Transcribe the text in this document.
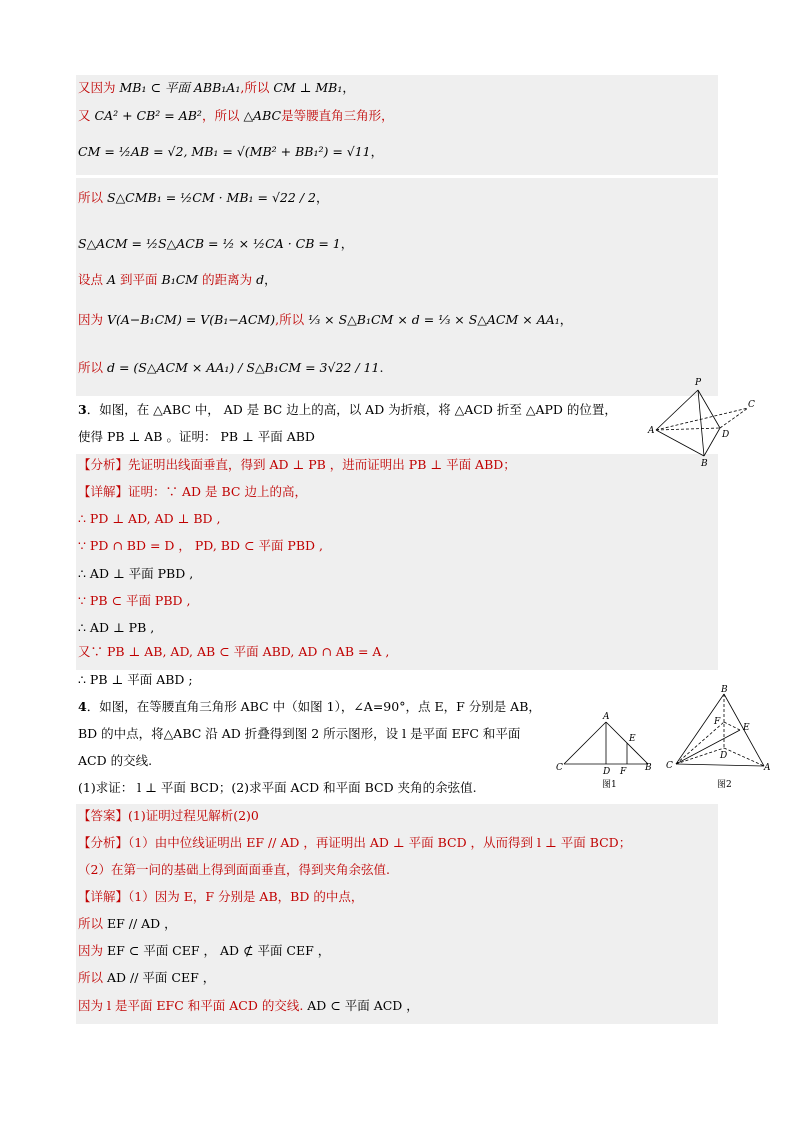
又因为 MB₁ ⊂ 平面 ABB₁A₁,所以 CM ⊥ MB₁，
又 CA² + CB² = AB²，所以 △ABC是等腰直角三角形，
CM = ½AB = √2, MB₁ = √(MB² + BB₁²) = √11，
所以 S△CMB₁ = ½CM · MB₁ = √22 / 2，
S△ACM = ½S△ACB = ½ × ½CA · CB = 1，
设点 A 到平面 B₁CM 的距离为 d，
因为 V(A−B₁CM) = V(B₁−ACM),所以 ⅓ × S△B₁CM × d = ⅓ × S△ACM × AA₁，
所以 d = (S△ACM × AA₁) / S△B₁CM = 3√22 / 11.
3．如图，在 △ABC 中， AD 是 BC 边上的高，以 AD 为折痕，将 △ACD 折至 △APD 的位置，
使得 PB ⊥ AB 。证明： PB ⊥ 平面 ABD
【分析】先证明出线面垂直，得到 AD ⊥ PB ，进而证明出 PB ⊥ 平面 ABD；
【详解】证明：∵ AD 是 BC 边上的高，
∴ PD ⊥ AD, AD ⊥ BD ,
∵ PD ∩ BD = D ， PD, BD ⊂ 平面 PBD ,
∴ AD ⊥ 平面 PBD ,
∵ PB ⊂ 平面 PBD ,
∴ AD ⊥ PB ,
又∵ PB ⊥ AB, AD, AB ⊂ 平面 ABD, AD ∩ AB = A ,
∴ PB ⊥ 平面 ABD ;
P
C
A	D
B
4．如图，在等腰直角三角形 ABC 中（如图 1），∠A=90°，点 E，F 分别是 AB，
BD 的中点，将△ABC 沿 AD 折叠得到图 2 所示图形，设 l 是平面 EFC 和平面
ACD 的交线.
(1)求证： l ⊥ 平面 BCD；(2)求平面 ACD 和平面 BCD 夹角的余弦值.
【答案】(1)证明过程见解析(2)0
【分析】（1）由中位线证明出 EF // AD ，再证明出 AD ⊥ 平面 BCD ，从而得到 l ⊥ 平面 BCD；
（2）在第一问的基础上得到面面垂直，得到夹角余弦值.
【详解】（1）因为 E，F 分别是 AB，BD 的中点，
所以 EF // AD ，
因为 EF ⊂ 平面 CEF ， AD ⊄ 平面 CEF ，
所以 AD // 平面 CEF ，
因为 l 是平面 EFC 和平面 ACD 的交线. AD ⊂ 平面 ACD ，
A
E
C	D F B
图1
B
F
E
C
D
A
图2
